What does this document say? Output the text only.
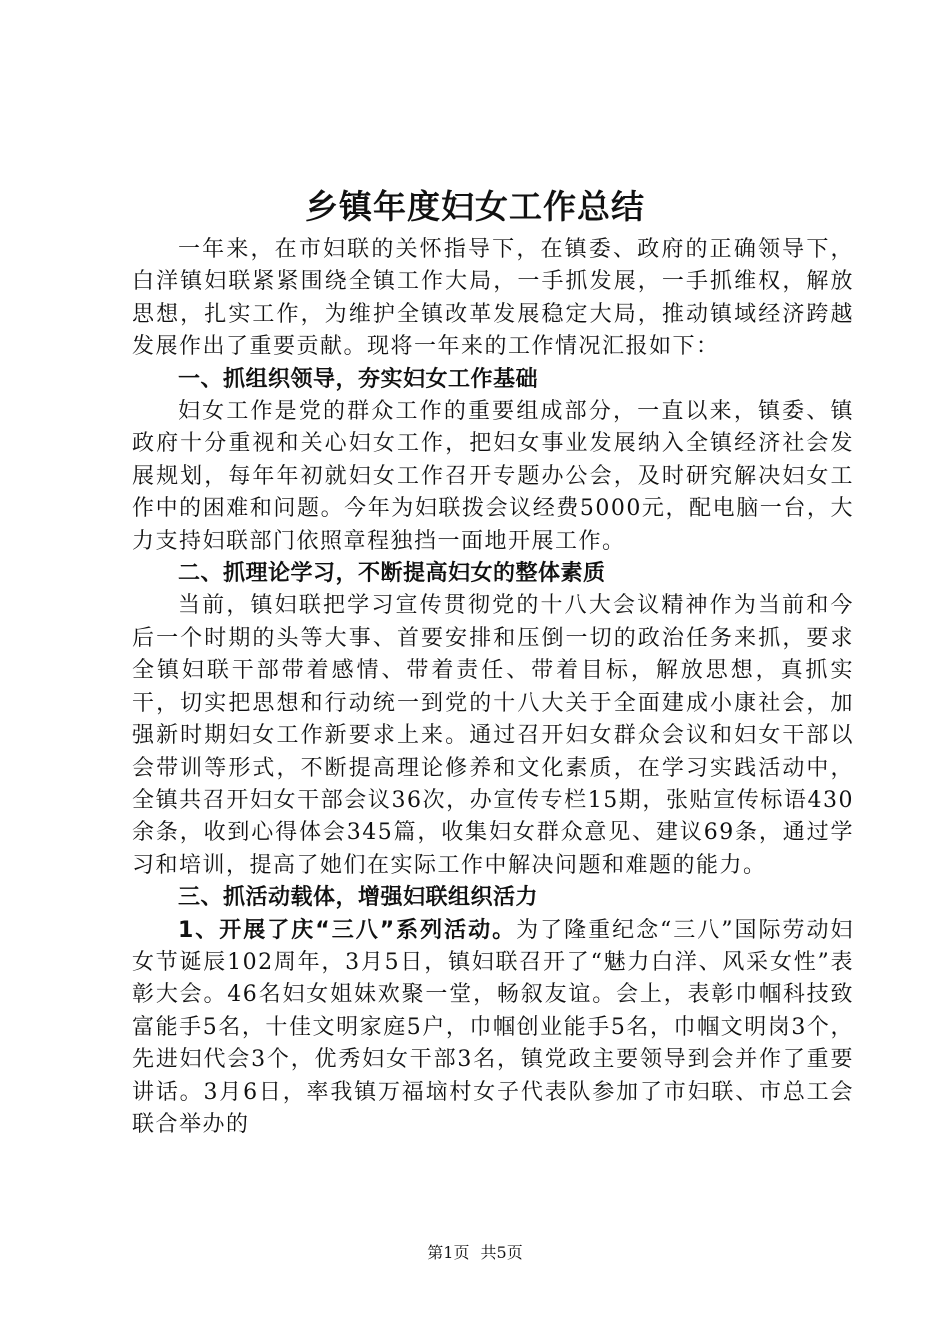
乡镇年度妇女工作总结

一年来，在市妇联的关怀指导下，在镇委、政府的正确领导下，白洋镇妇联紧紧围绕全镇工作大局，一手抓发展，一手抓维权，解放思想，扎实工作，为维护全镇改革发展稳定大局，推动镇域经济跨越发展作出了重要贡献。现将一年来的工作情况汇报如下：

一、抓组织领导，夯实妇女工作基础

妇女工作是党的群众工作的重要组成部分，一直以来，镇委、镇政府十分重视和关心妇女工作，把妇女事业发展纳入全镇经济社会发展规划，每年年初就妇女工作召开专题办公会，及时研究解决妇女工作中的困难和问题。今年为妇联拨会议经费5000元，配电脑一台，大力支持妇联部门依照章程独挡一面地开展工作。

二、抓理论学习，不断提高妇女的整体素质

当前，镇妇联把学习宣传贯彻党的十八大会议精神作为当前和今后一个时期的头等大事、首要安排和压倒一切的政治任务来抓，要求全镇妇联干部带着感情、带着责任、带着目标，解放思想，真抓实干，切实把思想和行动统一到党的十八大关于全面建成小康社会，加强新时期妇女工作新要求上来。通过召开妇女群众会议和妇女干部以会带训等形式，不断提高理论修养和文化素质，在学习实践活动中，全镇共召开妇女干部会议36次，办宣传专栏15期，张贴宣传标语430余条，收到心得体会345篇，收集妇女群众意见、建议69条，通过学习和培训，提高了她们在实际工作中解决问题和难题的能力。

三、抓活动载体，增强妇联组织活力

1、开展了庆“三八”系列活动。为了隆重纪念“三八”国际劳动妇女节诞辰102周年，3月5日，镇妇联召开了“魅力白洋、风采女性”表彰大会。46名妇女姐妹欢聚一堂，畅叙友谊。会上，表彰巾帼科技致富能手5名，十佳文明家庭5户，巾帼创业能手5名，巾帼文明岗3个，先进妇代会3个，优秀妇女干部3名，镇党政主要领导到会并作了重要讲话。3月6日，率我镇万福垴村女子代表队参加了市妇联、市总工会联合举办的

第1页 共5页
